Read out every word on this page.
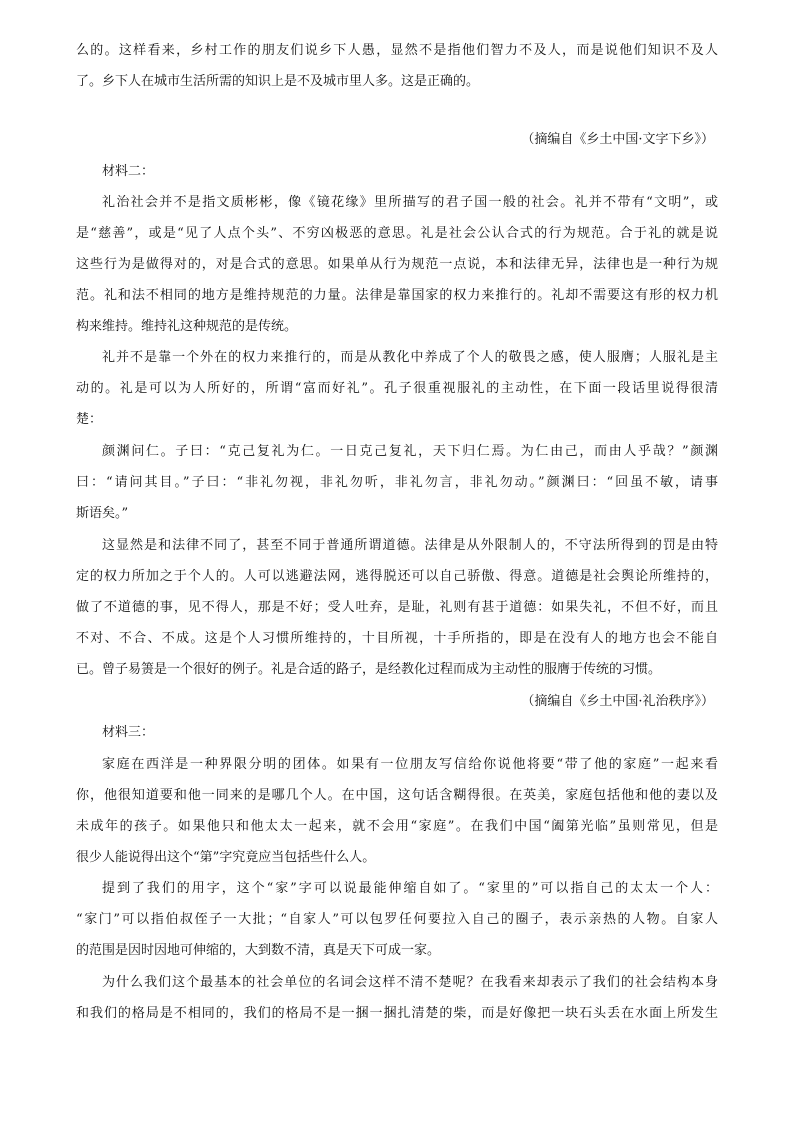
么的。这样看来，乡村工作的朋友们说乡下人愚，显然不是指他们智力不及人，而是说他们知识不及人
了。乡下人在城市生活所需的知识上是不及城市里人多。这是正确的。

（摘编自《乡土中国·文字下乡》）

材料二：

礼治社会并不是指文质彬彬，像《镜花缘》里所描写的君子国一般的社会。礼并不带有“文明”，或
是“慈善”，或是“见了人点个头”、不穷凶极恶的意思。礼是社会公认合式的行为规范。合于礼的就是说
这些行为是做得对的，对是合式的意思。如果单从行为规范一点说，本和法律无异，法律也是一种行为规
范。礼和法不相同的地方是维持规范的力量。法律是靠国家的权力来推行的。礼却不需要这有形的权力机
构来维持。维持礼这种规范的是传统。

礼并不是靠一个外在的权力来推行的，而是从教化中养成了个人的敬畏之感，使人服膺；人服礼是主
动的。礼是可以为人所好的，所谓“富而好礼”。孔子很重视服礼的主动性，在下面一段话里说得很清
楚：

颜渊问仁。子曰：“克己复礼为仁。一日克己复礼，天下归仁焉。为仁由己，而由人乎哉？”颜渊
曰：“请问其目。”子曰：“非礼勿视，非礼勿听，非礼勿言，非礼勿动。”颜渊曰：“回虽不敏，请事
斯语矣。”

这显然是和法律不同了，甚至不同于普通所谓道德。法律是从外限制人的，不守法所得到的罚是由特
定的权力所加之于个人的。人可以逃避法网，逃得脱还可以自己骄傲、得意。道德是社会舆论所维持的，
做了不道德的事，见不得人，那是不好；受人吐弃，是耻，礼则有甚于道德：如果失礼，不但不好，而且
不对、不合、不成。这是个人习惯所维持的，十目所视，十手所指的，即是在没有人的地方也会不能自
已。曾子易箦是一个很好的例子。礼是合适的路子，是经教化过程而成为主动性的服膺于传统的习惯。

（摘编自《乡土中国·礼治秩序》）

材料三：

家庭在西洋是一种界限分明的团体。如果有一位朋友写信给你说他将要“带了他的家庭”一起来看
你，他很知道要和他一同来的是哪几个人。在中国，这句话含糊得很。在英美，家庭包括他和他的妻以及
未成年的孩子。如果他只和他太太一起来，就不会用“家庭”。在我们中国“阖第光临”虽则常见，但是
很少人能说得出这个“第”字究竟应当包括些什么人。

提到了我们的用字，这个“家”字可以说最能伸缩自如了。“家里的”可以指自己的太太一个人：
“家门”可以指伯叔侄子一大批；“自家人”可以包罗任何要拉入自己的圈子，表示亲热的人物。自家人
的范围是因时因地可伸缩的，大到数不清，真是天下可成一家。

为什么我们这个最基本的社会单位的名词会这样不清不楚呢？在我看来却表示了我们的社会结构本身
和我们的格局是不相同的，我们的格局不是一捆一捆扎清楚的柴，而是好像把一块石头丢在水面上所发生
